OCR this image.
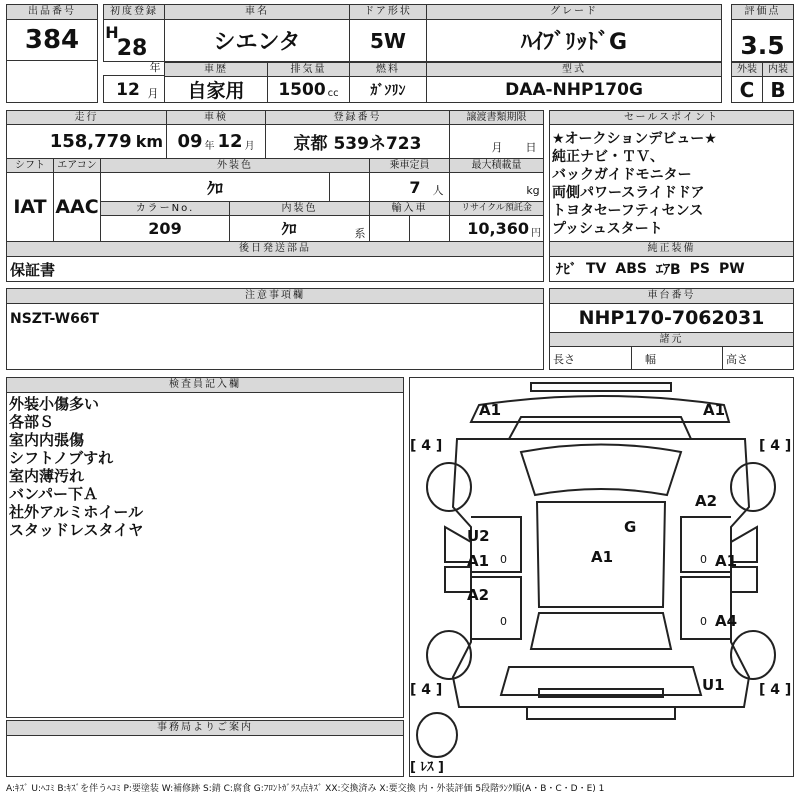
出品番号
384
初度登録
H
28
年
12 月
車名
シエンタ
車歴
自家用
排気量
1500 cc
ドア形状
5W
燃料
ｶﾞｿﾘﾝ
グレード
ﾊｲﾌﾞﾘｯﾄﾞG
型式
DAA-NHP170G
評価点
3.5
外装	内装
C B
走行
158,779 km
車検
09 年 12 月
登録番号
京都 539ネ723
譲渡書類期限
月 日
シフト	エアコン
IAT AAC
外装色
ｸﾛ
乗車定員
7	人
最大積載量
kg
カラーNo.
209
内装色
ｸﾛ	系
輸入車	リサイクル預託金
10,360 円
後日発送部品
保証書
セールスポイント
★オークションデビュー★
純正ナビ・ＴＶ、
バックガイドモニター
両側パワースライドドア
トヨタセーフティセンス
プッシュスタート
純正装備
ﾅﾋﾞ TV ABS ｴｱB PS PW
注意事項欄
NSZT-W66T
車台番号
NHP170-7062031
諸元
長さ	幅	高さ
検査員記入欄
外装小傷多い
各部Ｓ
室内内張傷
シフトノブすれ
室内薄汚れ
バンパー下Ａ
社外アルミホイール
スタッドレスタイヤ
事務局よりご案内
[ 4 ]	[ 4 ]
[ 4 ]	[ 4 ]
[ ﾚｽ ]
A1	A1
A2
G
U2
A1	A1	A1
A2
A4
U1
0	0
0	0
A:ｷｽﾞ U:ﾍｺﾐ B:ｷｽﾞを伴うﾍｺﾐ P:要塗装 W:補修跡 S:錆 C:腐食 G:ﾌﾛﾝﾄｶﾞﾗｽ点ｷｽﾞ XX:交換済み X:要交換 内・外装評価 5段階ﾗﾝｸ順(A・B・C・D・E) 1
